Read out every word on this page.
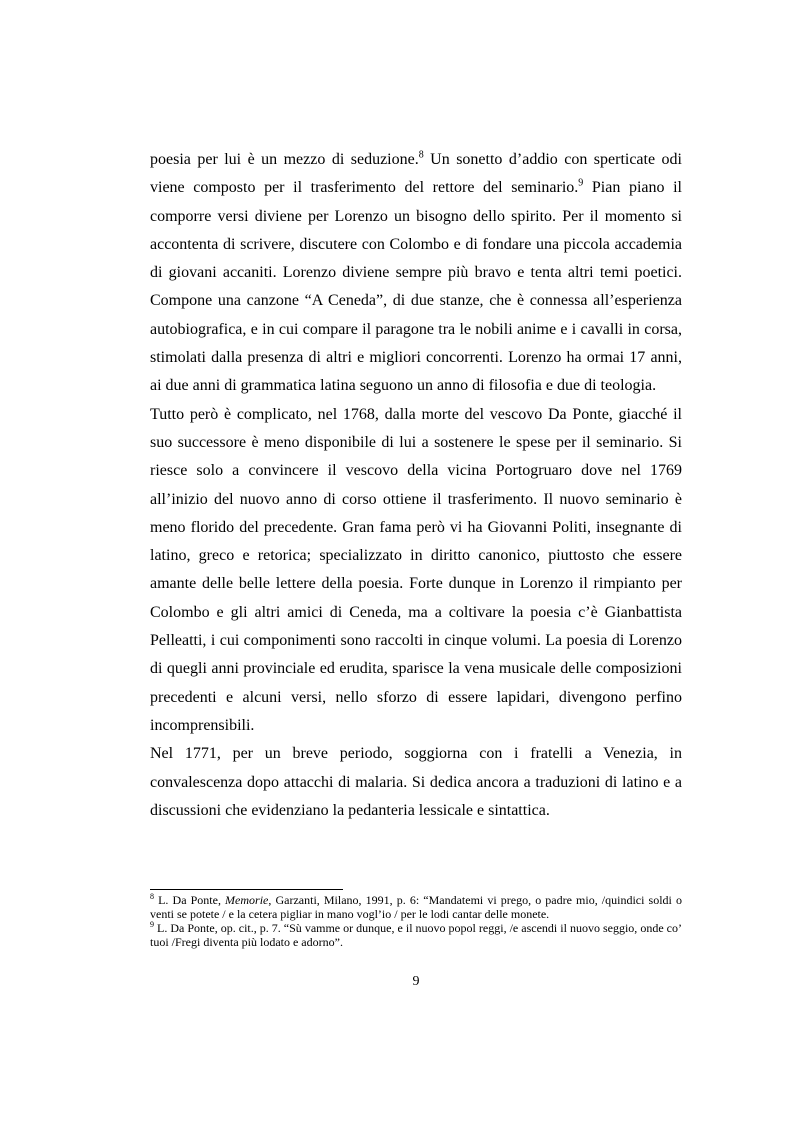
poesia per lui è un mezzo di seduzione.$^8$ Un sonetto d’addio con sperticate odi viene composto per il trasferimento del rettore del seminario.$^9$ Pian piano il comporre versi diviene per Lorenzo un bisogno dello spirito. Per il momento si accontenta di scrivere, discutere con Colombo e di fondare una piccola accademia di giovani accaniti. Lorenzo diviene sempre più bravo e tenta altri temi poetici. Compone una canzone “A Ceneda”, di due stanze, che è connessa all’esperienza autobiografica, e in cui compare il paragone tra le nobili anime e i cavalli in corsa, stimolati dalla presenza di altri e migliori concorrenti. Lorenzo ha ormai 17 anni, ai due anni di grammatica latina seguono un anno di filosofia e due di teologia.

Tutto però è complicato, nel 1768, dalla morte del vescovo Da Ponte, giacché il suo successore è meno disponibile di lui a sostenere le spese per il seminario. Si riesce solo a convincere il vescovo della vicina Portogruaro dove nel 1769 all’inizio del nuovo anno di corso ottiene il trasferimento. Il nuovo seminario è meno florido del precedente. Gran fama però vi ha Giovanni Politi, insegnante di latino, greco e retorica; specializzato in diritto canonico, piuttosto che essere amante delle belle lettere della poesia. Forte dunque in Lorenzo il rimpianto per Colombo e gli altri amici di Ceneda, ma a coltivare la poesia c’è Gianbattista Pelleatti, i cui componimenti sono raccolti in cinque volumi. La poesia di Lorenzo di quegli anni provinciale ed erudita, sparisce la vena musicale delle composizioni precedenti e alcuni versi, nello sforzo di essere lapidari, divengono perfino incomprensibili.

Nel 1771, per un breve periodo, soggiorna con i fratelli a Venezia, in convalescenza dopo attacchi di malaria. Si dedica ancora a traduzioni di latino e a discussioni che evidenziano la pedanteria lessicale e sintattica.

$^8$ L. Da Ponte, Memorie, Garzanti, Milano, 1991, p. 6: “Mandatemi vi prego, o padre mio, /quindici soldi o venti se potete / e la cetera pigliar in mano vogl’io / per le lodi cantar delle monete.

$^9$ L. Da Ponte, op. cit., p. 7. “Sù vamme or dunque, e il nuovo popol reggi, /e ascendi il nuovo seggio, onde co’ tuoi /Fregi diventa più lodato e adorno”.

9
